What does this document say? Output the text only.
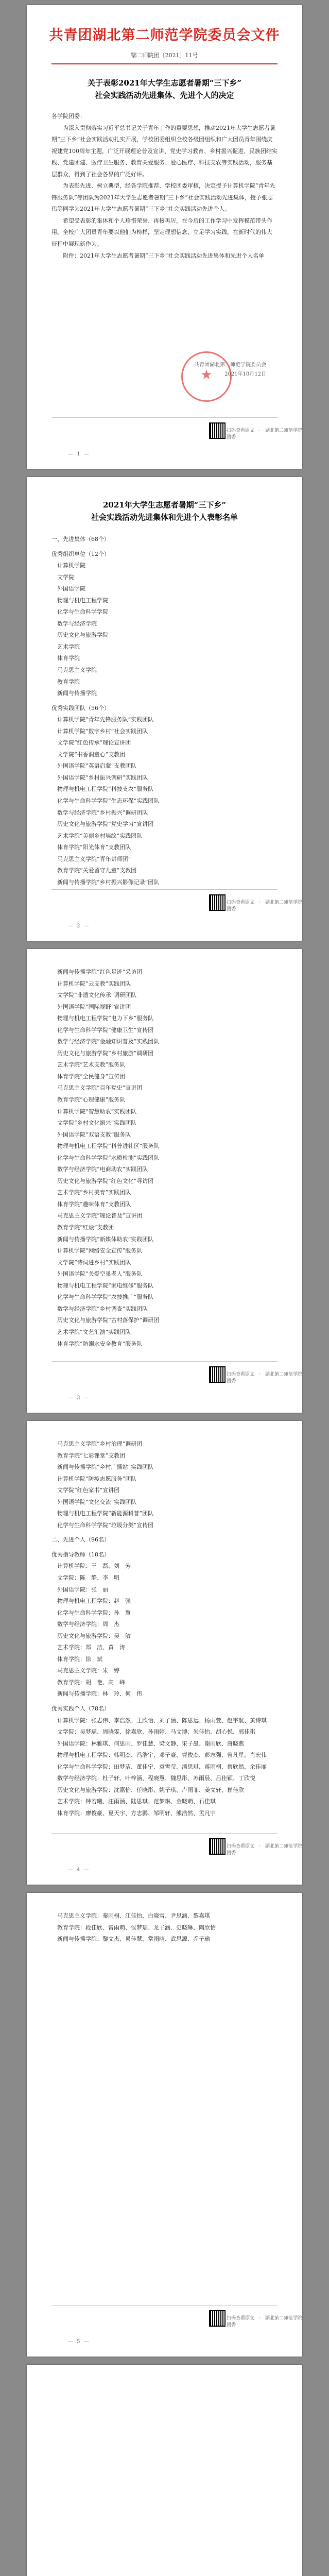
共青团湖北第二师范学院委员会文件
鄂二师院团〔2021〕11号
关于表彰2021年大学生志愿者暑期“三下乡”
社会实践活动先进集体、先进个人的决定

各学院团委：

为深入贯彻落实习近平总书记关于青年工作的重要思想，推动2021年大学生志愿者暑期“三下乡”社会实践活动扎实开展，学校团委组织全校各级团组织和广大团员青年围绕庆祝建党100周年主题，广泛开展理论普及宣讲、党史学习教育、乡村振兴促进、民族团结实践、党建团建、医疗卫生服务、教育关爱服务、爱心医疗、科技支农等实践活动，服务基层群众，得到了社会各界的广泛好评。

为表彰先进、树立典型，经各学院推荐、学校团委审核，决定授予计算机学院“青年先锋服务队”等团队为2021年大学生志愿者暑期“三下乡”社会实践活动先进集体，授予张志伟等同学为2021年大学生志愿者暑期“三下乡”社会实践活动先进个人。

希望受表彰的集体和个人珍惜荣誉、再接再厉，在今后的工作学习中发挥模范带头作用。全校广大团员青年要以他们为榜样，坚定理想信念，立足学习实践，在新时代的伟大征程中展现新作为。

附件：2021年大学生志愿者暑期“三下乡”社会实践活动先进集体和先进个人名单

★
共青团湖北第二师范学院委员会
2021年10月12日
扫码查看原文　·　湖北第二师范学院团委
— 1 —
2021年大学生志愿者暑期“三下乡”
社会实践活动先进集体和先进个人表彰名单

一、先进集体（68个）

优秀组织单位（12个）

计算机学院

文学院

外国语学院

物理与机电工程学院

化学与生命科学学院

数学与经济学院

历史文化与旅游学院

艺术学院

体育学院

马克思主义学院

教育学院

新闻与传播学院

优秀实践团队（56个）

计算机学院“青年先锋服务队”实践团队

计算机学院“数字乡村”社会实践团队

文学院“红色传承”理论宣讲团

文学院“书香润童心”支教团

外国语学院“英语启蒙”支教团队

外国语学院“乡村振兴调研”实践团队

物理与机电工程学院“科技支农”服务队

化学与生命科学学院“生态环保”实践团队

数学与经济学院“乡村振兴”调研团队

历史文化与旅游学院“党史学习”宣讲团

艺术学院“美丽乡村墙绘”实践团队

体育学院“阳光体育”支教团队

马克思主义学院“青年讲师团”

教育学院“关爱留守儿童”支教团

新闻与传播学院“乡村振兴影像记录”团队

扫码查看原文　·　湖北第二师范学院团委
— 2 —

新闻与传播学院“红色足迹”采访团

计算机学院“云支教”实践团队

文学院“非遗文化传承”调研团队

外国语学院“国际视野”宣讲团

物理与机电工程学院“电力下乡”服务队

化学与生命科学学院“健康卫生”宣传团

数学与经济学院“金融知识普及”实践团队

历史文化与旅游学院“乡村旅游”调研团

艺术学院“艺术支教”服务队

体育学院“全民健身”宣传团

马克思主义学院“百年党史”宣讲团

教育学院“心理健康”服务队

计算机学院“智慧助农”实践团队

文学院“乡村文化振兴”实践团队

外国语学院“双语支教”服务队

物理与机电工程学院“科普进社区”服务队

化学与生命科学学院“水质检测”实践团队

数学与经济学院“电商助农”实践团队

历史文化与旅游学院“红色文化”寻访团

艺术学院“乡村美育”实践团队

体育学院“趣味体育”支教团队

马克思主义学院“理论普及”宣讲团

教育学院“红烛”支教团

新闻与传播学院“新媒体助农”实践团队

计算机学院“网络安全宣传”服务队

文学院“诗词进乡村”实践团队

外国语学院“关爱空巢老人”服务队

物理与机电工程学院“家电维修”服务队

化学与生命科学学院“农技推广”服务队

数学与经济学院“乡村调查”实践团队

历史文化与旅游学院“古村落保护”调研团

艺术学院“文艺汇演”实践团队

体育学院“防溺水安全教育”服务队

扫码查看原文　·　湖北第二师范学院团委
— 3 —

马克思主义学院“乡村治理”调研团

教育学院“七彩课堂”支教团

新闻与传播学院“乡村广播站”实践团队

计算机学院“防疫志愿服务”团队

文学院“红色家书”宣讲团

外国语学院“文化交流”实践团队

物理与机电工程学院“新能源科普”团队

化学与生命科学学院“垃圾分类”宣传团

二、先进个人（96名）

优秀指导教师（18名）

计算机学院：王　磊、刘　芳

文学院：陈　静、李　明

外国语学院：张　丽

物理与机电工程学院：赵　强

化学与生命科学学院：孙　慧

数学与经济学院：周　杰

历史文化与旅游学院：吴　敏

艺术学院：郑　洁、黄　涛

体育学院：徐　斌

马克思主义学院：朱　婷

教育学院：胡　艳、高　峰

新闻与传播学院：林　玲、何　伟

优秀实践个人（78名）

计算机学院：张志伟、李浩然、王欣怡、刘子涵、陈思远、杨雨萱、赵宇航、黄诗琪

文学院：吴梦瑶、周晓雯、徐嘉欣、孙雨婷、马文博、朱佳怡、胡心悦、郭佳琪

外国语学院：林雅琪、何思雨、罗佳慧、梁文静、宋子墨、谢雨欣、唐晓燕

物理与机电工程学院：韩明杰、冯浩宇、邓子豪、曹俊杰、彭志强、曾凡星、肖宏伟

化学与生命科学学院：田梦洁、董佳宁、袁雪莹、潘思琪、蒋雨桐、蔡欣然、余佳丽

数学与经济学院：杜子轩、叶梓涵、程晓慧、魏思彤、苏雨晨、吕佳颖、丁欣悦

历史文化与旅游学院：沈嘉怡、任晓彤、姚子琪、卢雨菲、姜文轩、崔佳欣

艺术学院：钟若曦、汪雨涵、陆思琪、范梦琳、金晓萌、石佳琪

体育学院：廖俊豪、夏天宇、方志鹏、邹明轩、熊浩然、孟凡宇

扫码查看原文　·　湖北第二师范学院团委
— 4 —

马克思主义学院：秦雨桐、江佳怡、白晓雪、尹思涵、黎嘉琪

教育学院：段佳欣、雷雨萌、侯梦瑶、龙子涵、史晓琳、陶欣怡

新闻与传播学院：黎文杰、易佳慧、常雨晴、武思源、乔子瑜

扫码查看原文　·　湖北第二师范学院团委
— 5 —
